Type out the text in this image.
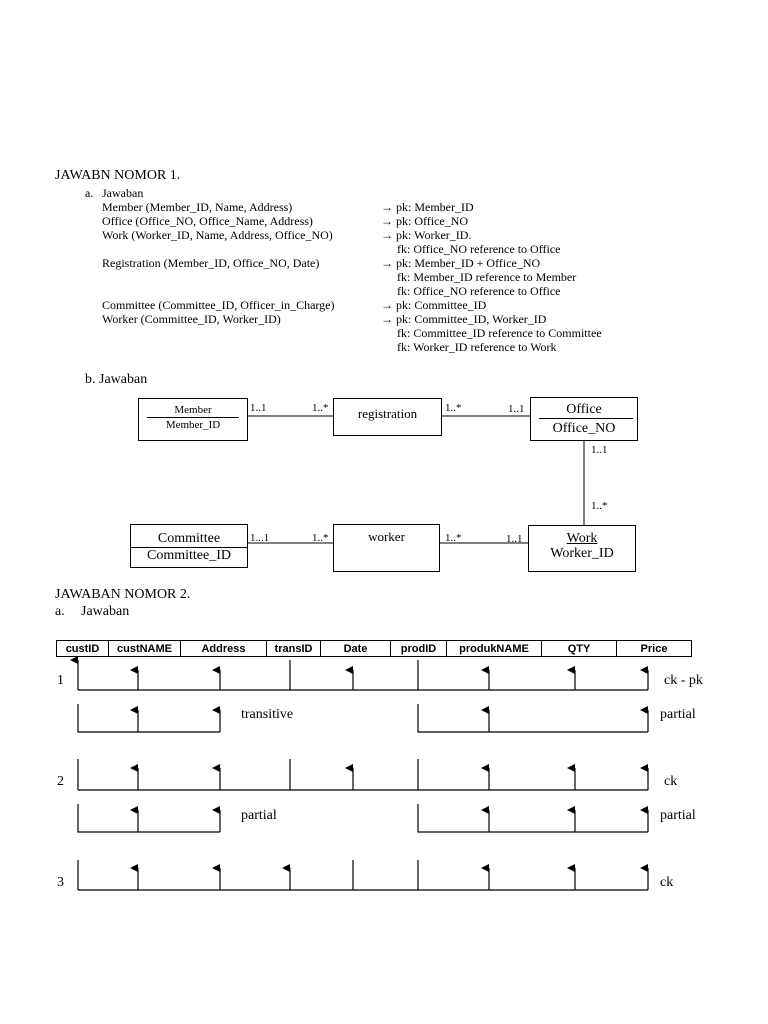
JAWABN NOMOR 1.
a. Jawaban
Member (Member_ID, Name, Address)	→ pk: Member_ID
Office (Office_NO, Office_Name, Address)	→ pk: Office_NO
Work (Worker_ID, Name, Address, Office_NO)	→ pk: Worker_ID.
fk: Office_NO reference to Office
Registration (Member_ID, Office_NO, Date)	→ pk: Member_ID + Office_NO
fk: Member_ID reference to Member
fk: Office_NO reference to Office
Committee (Committee_ID, Officer_in_Charge)	→ pk: Committee_ID
Worker (Committee_ID, Worker_ID)	→ pk: Committee_ID, Worker_ID
fk: Committee_ID reference to Committee
fk: Worker_ID reference to Work
b. Jawaban
Member
Member_ID
registration	Office
Office_NO
Committee
Committee_ID
worker	Work
Worker_ID
1..1	1..*	1..*	1..1
1..1
1..*
1...1	1..*	1..*	1..1
JAWABAN NOMOR 2.
a. Jawaban
custID	custNAME	Address	transID	Date	prodID	produkNAME	QTY	Price
1	ck - pk
transitive	partial
2	ck
partial	partial
3	ck
